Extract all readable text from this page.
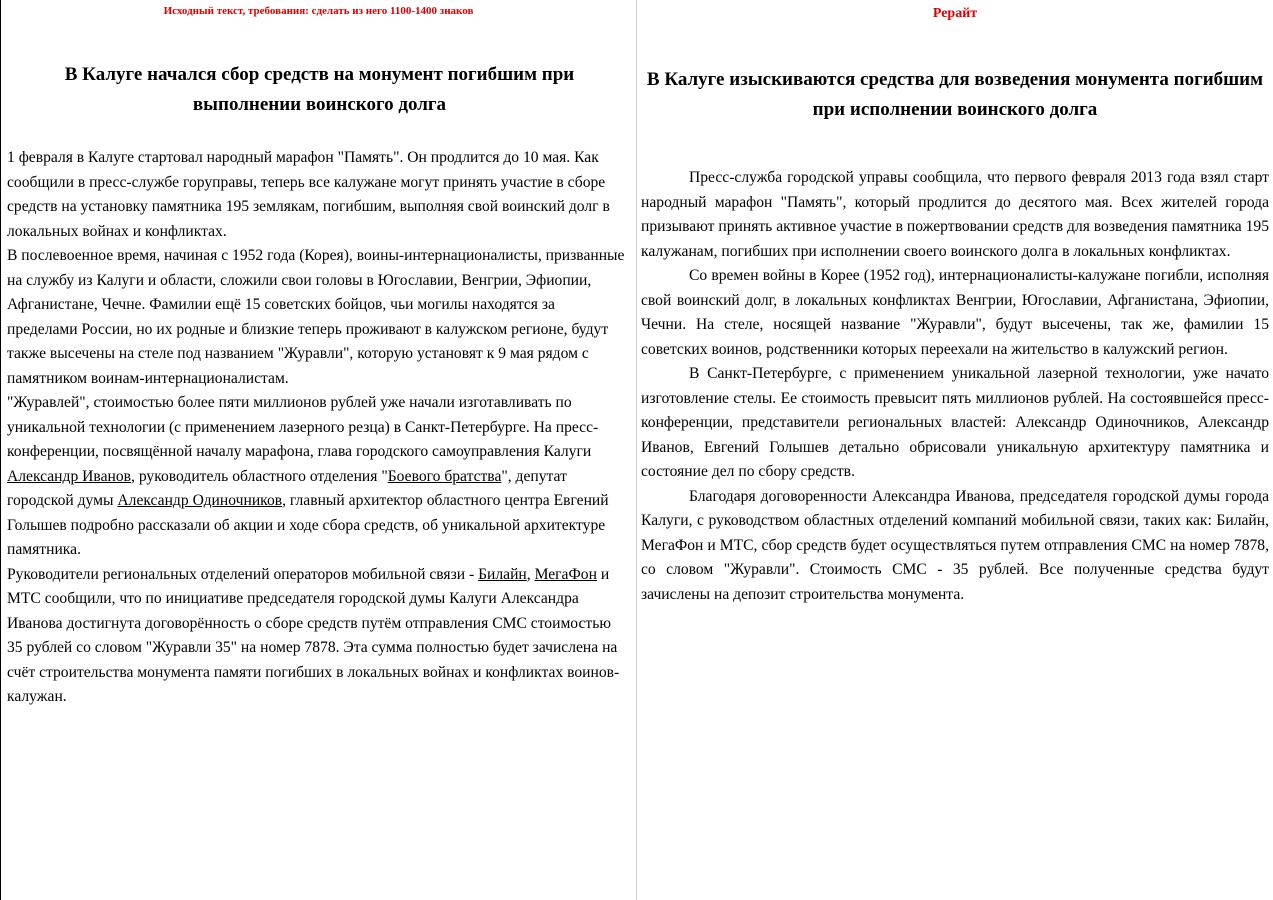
Исходный текст, требования: сделать из него 1100-1400 знаков
В Калуге начался сбор средств на монумент погибшим при выполнении воинского долга

1 февраля в Калуге стартовал народный марафон "Память". Он продлится до 10 мая. Как сообщили в пресс-службе горуправы, теперь все калужане могут принять участие в сборе средств на установку памятника 195 землякам, погибшим, выполняя свой воинский долг в локальных войнах и конфликтах.

В послевоенное время, начиная с 1952 года (Корея), воины-интернационалисты, призванные на службу из Калуги и области, сложили свои головы в Югославии, Венгрии, Эфиопии, Афганистане, Чечне. Фамилии ещё 15 советских бойцов, чьи могилы находятся за пределами России, но их родные и близкие теперь проживают в калужском регионе, будут также высечены на стеле под названием "Журавли", которую установят к 9 мая рядом с памятником воинам-интернационалистам.

"Журавлей", стоимостью более пяти миллионов рублей уже начали изготавливать по уникальной технологии (с применением лазерного резца) в Санкт-Петербурге. На пресс-конференции, посвящённой началу марафона, глава городского самоуправления Калуги Александр Иванов, руководитель областного отделения "Боевого братства", депутат городской думы Александр Одиночников, главный архитектор областного центра Евгений Голышев подробно рассказали об акции и ходе сбора средств, об уникальной архитектуре памятника.

Руководители региональных отделений операторов мобильной связи - Билайн, МегаФон и МТС сообщили, что по инициативе председателя городской думы Калуги Александра Иванова достигнута договорённость о сборе средств путём отправления СМС стоимостью 35 рублей со словом "Журавли 35" на номер 7878. Эта сумма полностью будет зачислена на счёт строительства монумента памяти погибших в локальных войнах и конфликтах воинов-калужан.

Рерайт
В Калуге изыскиваются средства для возведения монумента погибшим при исполнении воинского долга

Пресс-служба городской управы сообщила, что первого февраля 2013 года взял старт народный марафон "Память", который продлится до десятого мая. Всех жителей города призывают принять активное участие в пожертвовании средств для возведения памятника 195 калужанам, погибших при исполнении своего воинского долга в локальных конфликтах.

Со времен войны в Корее (1952 год), интернационалисты-калужане погибли, исполняя свой воинский долг, в локальных конфликтах Венгрии, Югославии, Афганистана, Эфиопии, Чечни. На стеле, носящей название "Журавли", будут высечены, так же, фамилии 15 советских воинов, родственники которых переехали на жительство в калужский регион.

В Санкт-Петербурге, с применением уникальной лазерной технологии, уже начато изготовление стелы. Ее стоимость превысит пять миллионов рублей. На состоявшейся пресс-конференции, представители региональных властей: Александр Одиночников, Александр Иванов, Евгений Голышев детально обрисовали уникальную архитектуру памятника и состояние дел по сбору средств.

Благодаря договоренности Александра Иванова, председателя городской думы города Калуги, с руководством областных отделений компаний мобильной связи, таких как: Билайн, МегаФон и МТС, сбор средств будет осуществляться путем отправления СМС на номер 7878, со словом "Журавли". Стоимость СМС - 35 рублей. Все полученные средства будут зачислены на депозит строительства монумента.
